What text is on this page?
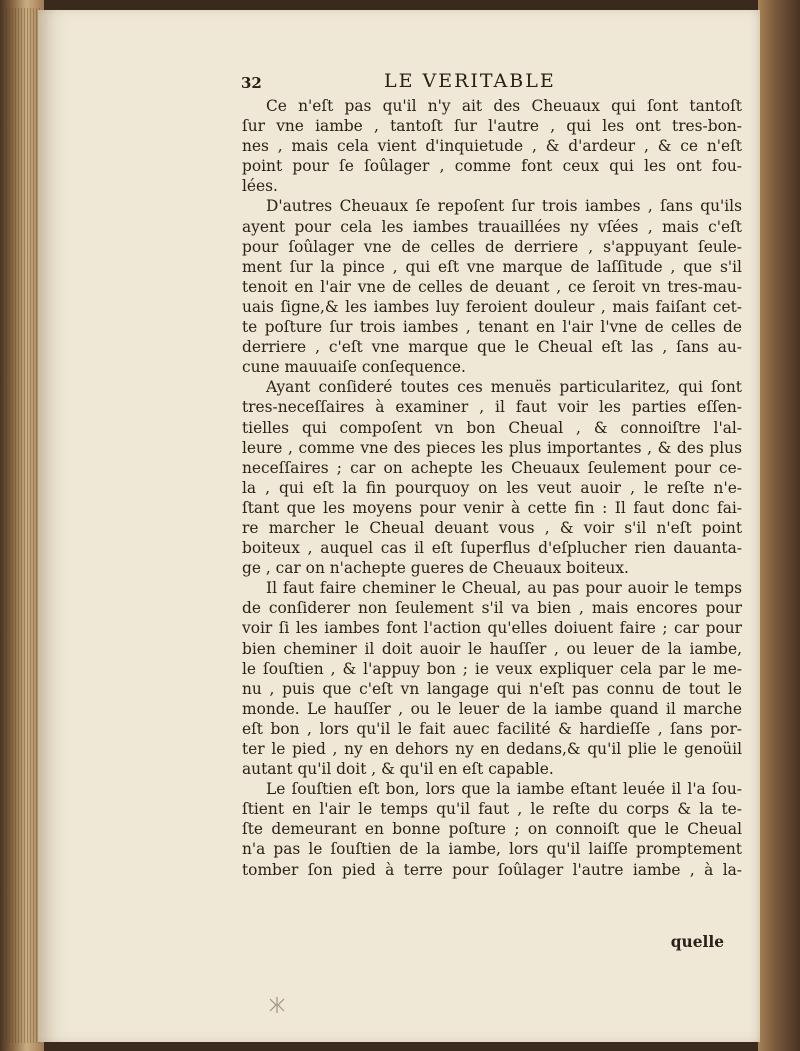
32	LE VERITABLE

Ce n'eſt pas qu'il n'y ait des Cheuaux qui ſont tantoſt
ſur vne iambe , tantoſt ſur l'autre , qui les ont tres-bon-
nes , mais cela vient d'inquietude , & d'ardeur , & ce n'eſt
point pour ſe ſoûlager , comme font ceux qui les ont fou-
lées.

D'autres Cheuaux ſe repoſent ſur trois iambes , ſans qu'ils
ayent pour cela les iambes trauaillées ny vſées , mais c'eſt
pour ſoûlager vne de celles de derriere , s'appuyant ſeule-
ment ſur la pince , qui eſt vne marque de laſſitude , que s'il
tenoit en l'air vne de celles de deuant , ce ſeroit vn tres-mau-
uais ſigne,& les iambes luy feroient douleur , mais faiſant cet-
te poſture ſur trois iambes , tenant en l'air l'vne de celles de
derriere , c'eſt vne marque que le Cheual eſt las , ſans au-
cune mauuaiſe conſequence.

Ayant conſideré toutes ces menuës particularitez, qui ſont
tres-neceſſaires à examiner , il faut voir les parties eſſen-
tielles qui compoſent vn bon Cheual , & connoiſtre l'al-
leure , comme vne des pieces les plus importantes , & des plus
neceſſaires ; car on achepte les Cheuaux ſeulement pour ce-
la , qui eſt la fin pourquoy on les veut auoir , le reſte n'e-
ſtant que les moyens pour venir à cette fin : Il faut donc fai-
re marcher le Cheual deuant vous , & voir s'il n'eſt point
boiteux , auquel cas il eſt ſuperflus d'eſplucher rien dauanta-
ge , car on n'achepte gueres de Cheuaux boiteux.

Il faut faire cheminer le Cheual, au pas pour auoir le temps
de conſiderer non ſeulement s'il va bien , mais encores pour
voir ſi les iambes font l'action qu'elles doiuent faire ; car pour
bien cheminer il doit auoir le hauſſer , ou leuer de la iambe,
le ſouſtien , & l'appuy bon ; ie veux expliquer cela par le me-
nu , puis que c'eſt vn langage qui n'eſt pas connu de tout le
monde. Le hauſſer , ou le leuer de la iambe quand il marche
eſt bon , lors qu'il le fait auec facilité & hardieſſe , ſans por-
ter le pied , ny en dehors ny en dedans,& qu'il plie le genoüil
autant qu'il doit , & qu'il en eſt capable.

Le ſouſtien eſt bon, lors que la iambe eſtant leuée il l'a ſou-
ſtient en l'air le temps qu'il faut , le reſte du corps & la te-
ſte demeurant en bonne poſture ; on connoiſt que le Cheual
n'a pas le ſouſtien de la iambe, lors qu'il laiſſe promptement
tomber ſon pied à terre pour ſoûlager l'autre iambe , à la-

quelle
